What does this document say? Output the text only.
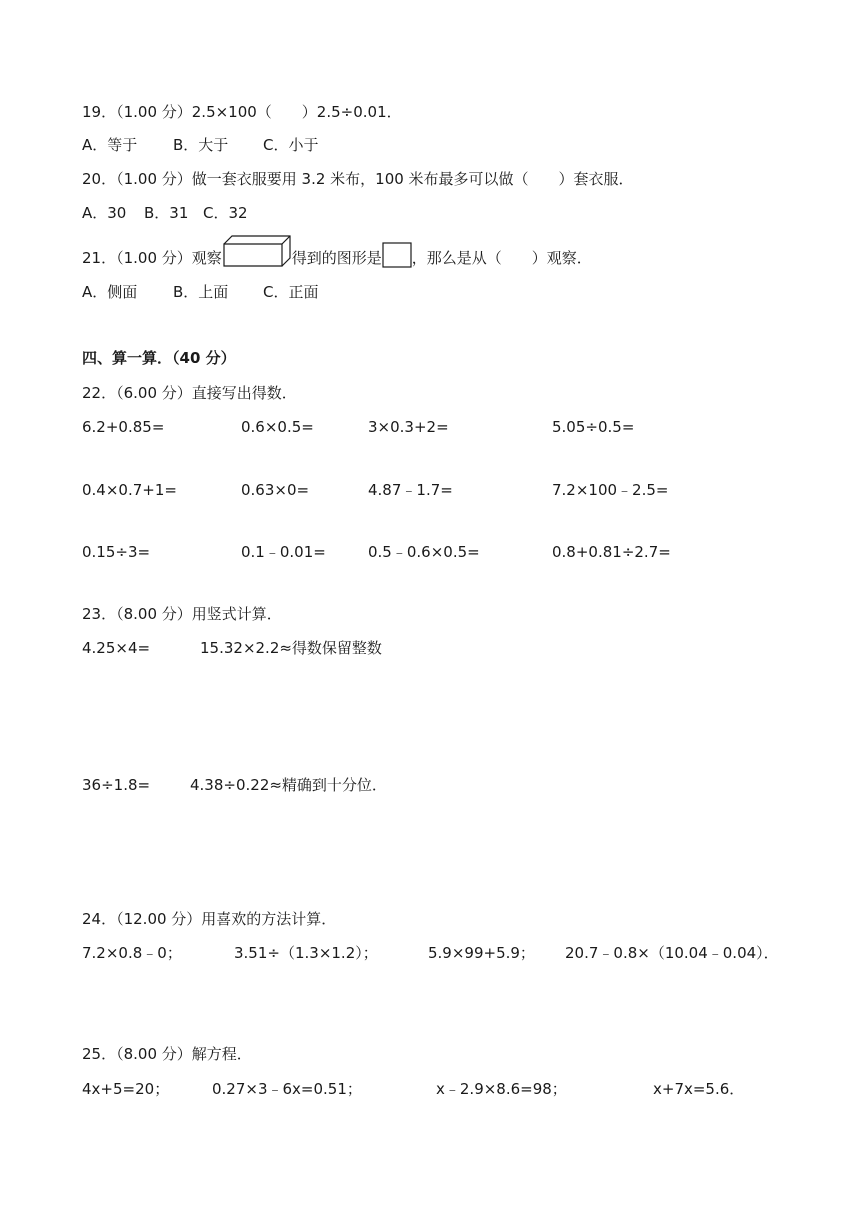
19．（1.00 分）2.5×100（　　）2.5÷0.01．
A．等于 B．大于 C．小于
20．（1.00 分）做一套衣服要用 3.2 米布，100 米布最多可以做（　　）套衣服．
A．30 B．31 C．32
21．（1.00 分）观察	得到的图形是 ，那么是从（　　）观察．
A．侧面 B．上面 C．正面
四、算一算．（40 分）
22．（6.00 分）直接写出得数．
6.2+0.85=	0.6×0.5=	3×0.3+2=	5.05÷0.5=
0.4×0.7+1=	0.63×0=	4.87﹣1.7=	7.2×100﹣2.5=
0.15÷3=	0.1﹣0.01=	0.5﹣0.6×0.5=	0.8+0.81÷2.7=
23．（8.00 分）用竖式计算．
4.25×4=	15.32×2.2≈得数保留整数
36÷1.8=	4.38÷0.22≈精确到十分位．
24．（12.00 分）用喜欢的方法计算．
7.2×0.8﹣0；	3.51÷（1.3×1.2）；	5.9×99+5.9； 20.7﹣0.8×（10.04﹣0.04）．
25．（8.00 分）解方程．
4x+5=20；	0.27×3﹣6x=0.51；	x﹣2.9×8.6=98；	x+7x=5.6．
